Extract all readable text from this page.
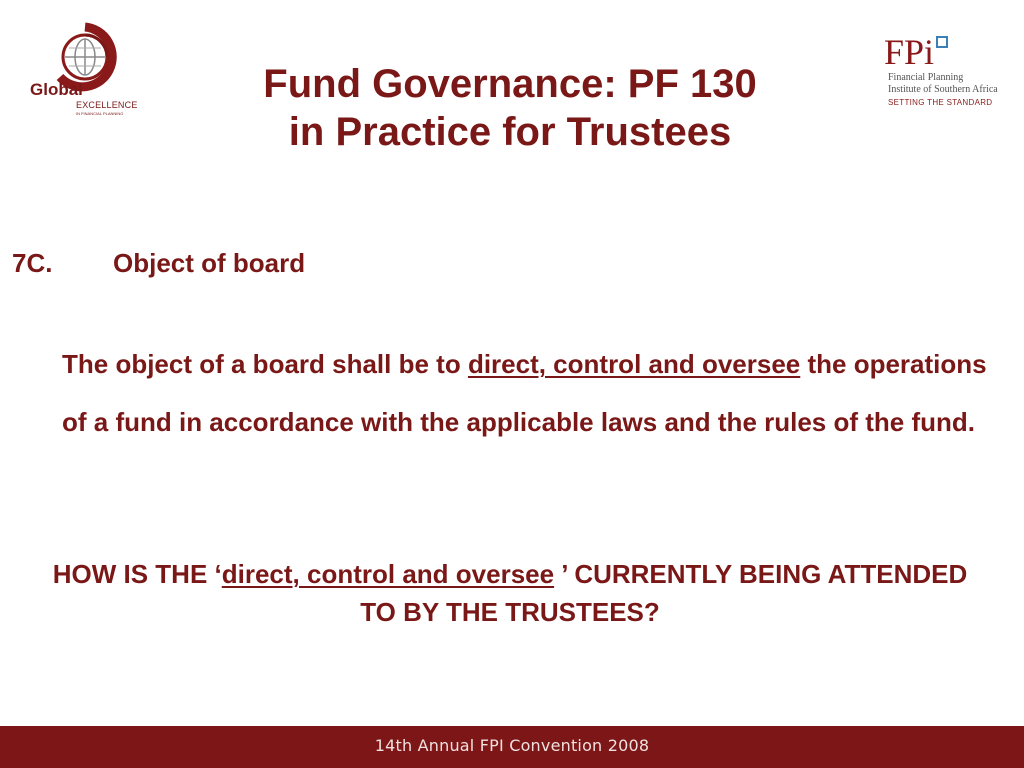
Global
EXCELLENCE
IN FINANCIAL PLANNING
FPi
Financial Planning
Institute of Southern Africa
SETTING THE STANDARD
Fund Governance: PF 130
in Practice for Trustees
7C. Object of board
The object of a board shall be to direct, control and oversee the operations of a fund in accordance with the applicable laws and the rules of the fund.
HOW IS THE ‘direct, control and oversee ’ CURRENTLY BEING ATTENDED TO BY THE TRUSTEES?
14th Annual FPI Convention 2008
